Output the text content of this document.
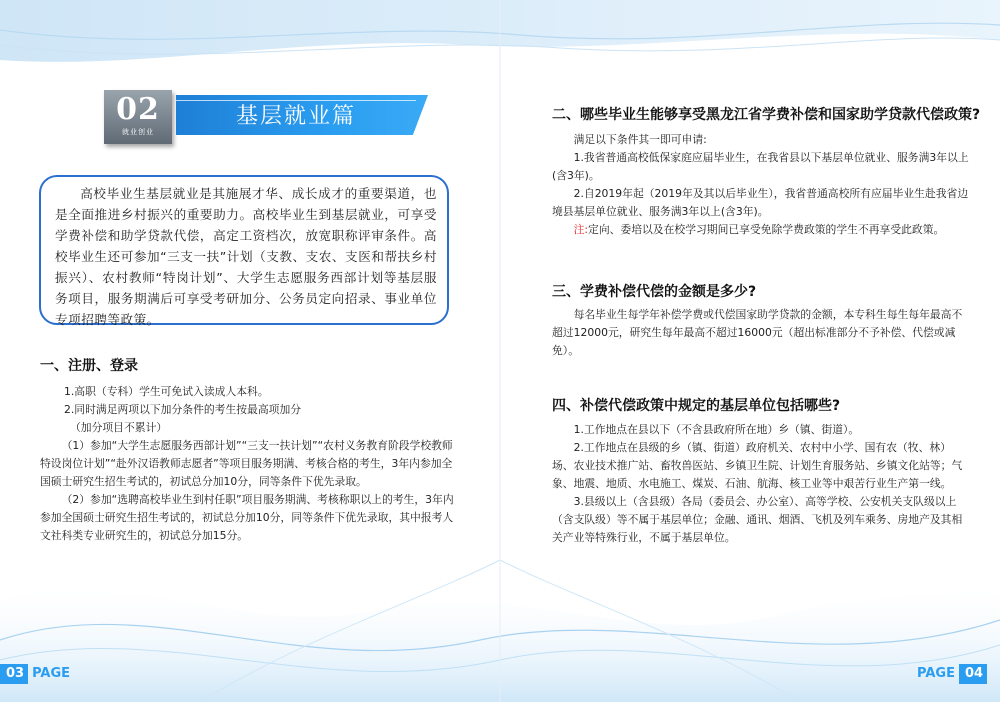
02
就业创业
基层就业篇

高校毕业生基层就业是其施展才华、成长成才的重要渠道，也是全面推进乡村振兴的重要助力。高校毕业生到基层就业，可享受学费补偿和助学贷款代偿，高定工资档次，放宽职称评审条件。高校毕业生还可参加“三支一扶”计划（支教、支农、支医和帮扶乡村振兴）、农村教师“特岗计划”、大学生志愿服务西部计划等基层服务项目，服务期满后可享受考研加分、公务员定向招录、事业单位专项招聘等政策。

一、注册、登录

1.高职（专科）学生可免试入读成人本科。

2.同时满足两项以下加分条件的考生按最高项加分

（加分项目不累计）

（1）参加“大学生志愿服务西部计划”“三支一扶计划”“农村义务教育阶段学校教师特设岗位计划”“赴外汉语教师志愿者”等项目服务期满、考核合格的考生，3年内参加全国硕士研究生招生考试的，初试总分加10分，同等条件下优先录取。

（2）参加“选聘高校毕业生到村任职”项目服务期满、考核称职以上的考生，3年内参加全国硕士研究生招生考试的，初试总分加10分，同等条件下优先录取，其中报考人文社科类专业研究生的，初试总分加15分。

03 PAGE
二、哪些毕业生能够享受黑龙江省学费补偿和国家助学贷款代偿政策?

满足以下条件其一即可申请:

1.我省普通高校低保家庭应届毕业生，在我省县以下基层单位就业、服务满3年以上(含3年)。

2.自2019年起（2019年及其以后毕业生），我省普通高校所有应届毕业生赴我省边境县基层单位就业、服务满3年以上(含3年)。

注:定向、委培以及在校学习期间已享受免除学费政策的学生不再享受此政策。

三、学费补偿代偿的金额是多少?

每名毕业生每学年补偿学费或代偿国家助学贷款的金额，本专科生每生每年最高不超过12000元，研究生每年最高不超过16000元（超出标准部分不予补偿、代偿或减免）。

四、补偿代偿政策中规定的基层单位包括哪些?

1.工作地点在县以下（不含县政府所在地）乡（镇、街道）。

2.工作地点在县级的乡（镇、街道）政府机关、农村中小学、国有农（牧、林）场、农业技术推广站、畜牧兽医站、乡镇卫生院、计划生育服务站、乡镇文化站等；气象、地震、地质、水电施工、煤炭、石油、航海、核工业等中艰苦行业生产第一线。

3.县级以上（含县级）各局（委员会、办公室）、高等学校、公安机关支队级以上（含支队级）等不属于基层单位；金融、通讯、烟酒、飞机及列车乘务、房地产及其相关产业等特殊行业，不属于基层单位。

PAGE 04
